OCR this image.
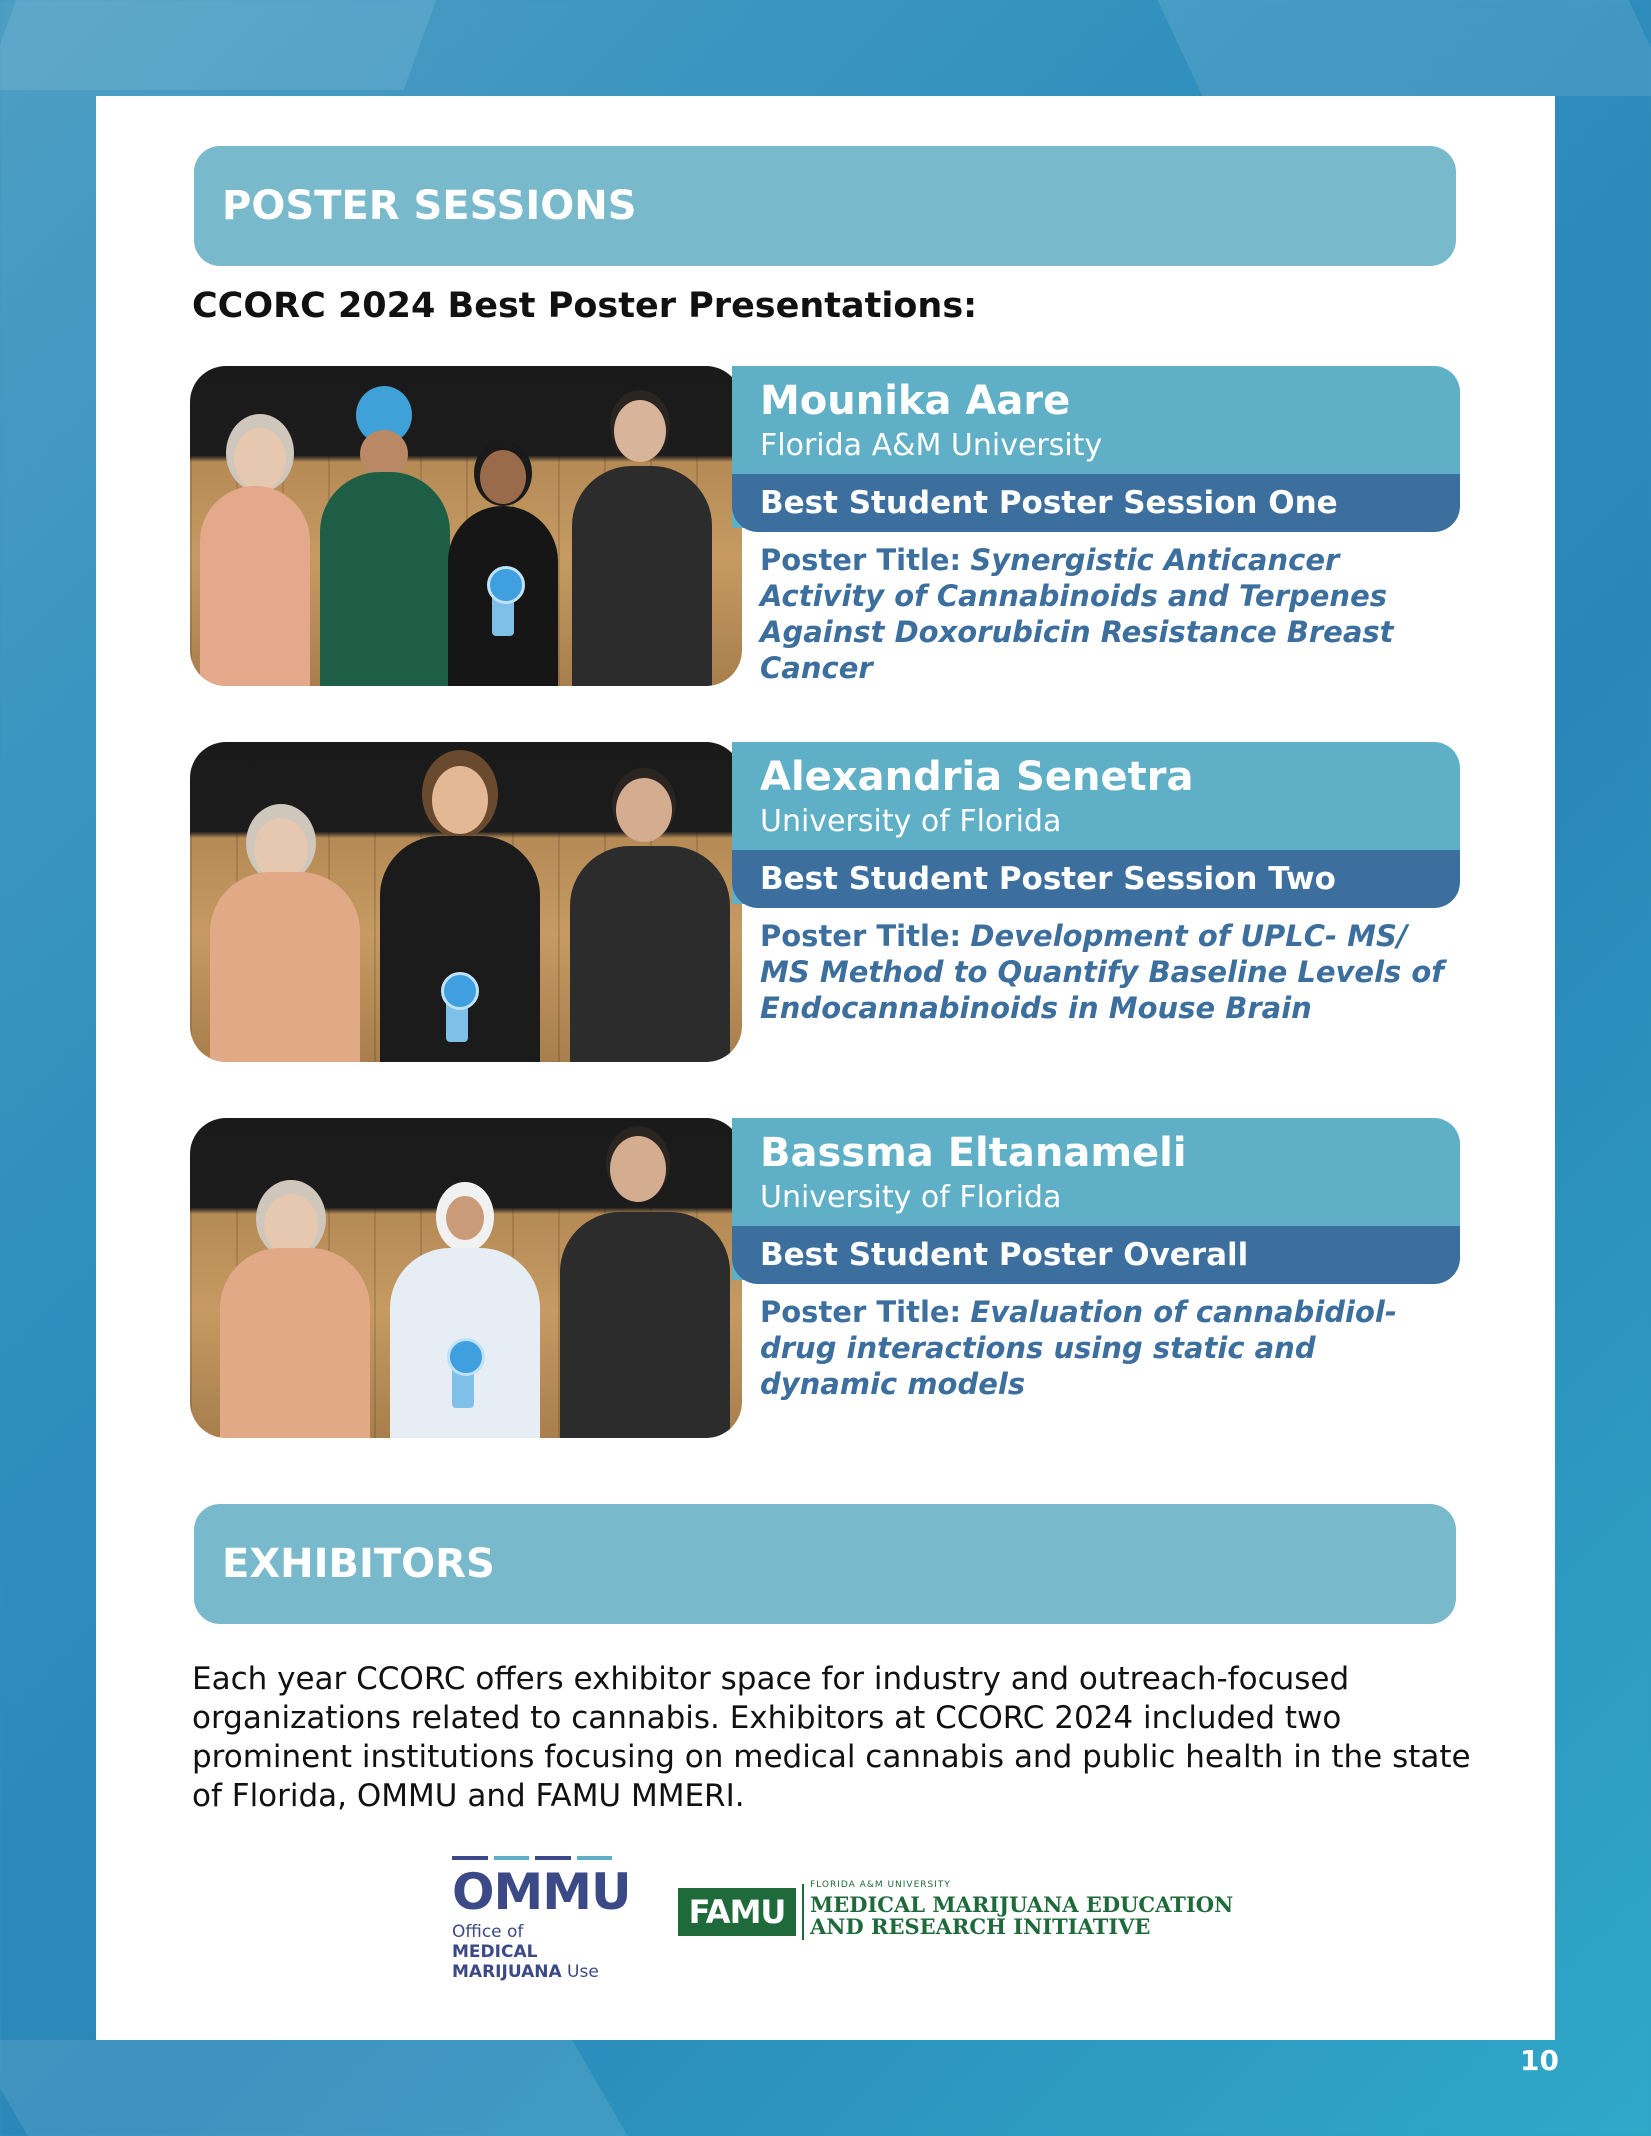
POSTER SESSIONS
CCORC 2024 Best Poster Presentations:
Mounika Aare
Florida A&M University
Best Student Poster Session One
Poster Title: Synergistic Anticancer Activity of Cannabinoids and Terpenes Against Doxorubicin Resistance Breast Cancer
Alexandria Senetra
University of Florida
Best Student Poster Session Two
Poster Title: Development of UPLC- MS/ MS Method to Quantify Baseline Levels of Endocannabinoids in Mouse Brain
Bassma Eltanameli
University of Florida
Best Student Poster Overall
Poster Title: Evaluation of cannabidiol-drug interactions using static and dynamic models
EXHIBITORS
Each year CCORC offers exhibitor space for industry and outreach-focused organizations related to cannabis. Exhibitors at CCORC 2024 included two prominent institutions focusing on medical cannabis and public health in the state of Florida, OMMU and FAMU MMERI.
OMMU
Office of MEDICAL
MARIJUANA Use
FAMU
FLORIDA A&M UNIVERSITY
MEDICAL MARIJUANA EDUCATION
AND RESEARCH INITIATIVE
10
